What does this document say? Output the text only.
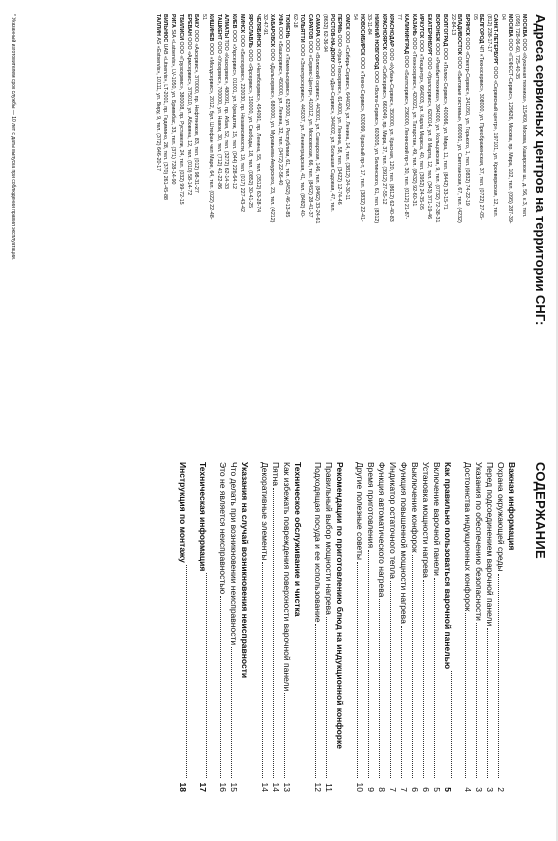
Адреса сервисных центров на территории СНГ:

МОСКВА ООО «Кухонная техника», 115409, Москва, Каширское ш., д. 56, к.3, тел. (095) 728-06-60, 725-40-35

МОСКВА ООО «ГЕФЕСТ-Сервис», 129626, Москва, пр. Мира, 102, тел. (095) 287-39-04

САНКТ-ПЕТЕРБУРГ ООО «Сервисный центр», 197101, ул. Кронверкская, 12, тел. (812) 238-17-17

БЕЛГОРОД ЧП «Техносервис», 308000, ул. Преображенская, 37, тел. (0722) 27-05-05

БРЯНСК ООО «Спектр-Сервис», 241050, ул. Горького, 1, тел. (0832) 74-22-19

ВЛАДИВОСТОК ООО «Бытовые системы», 690091, ул. Светланская, 67, тел. (4232) 22-84-13

ВОЛГОГРАД ООО «Полюс-Сервис», 400066, ул. Мира, 11, тел. (8442) 33-15-71

ВОРОНЕЖ ООО «Рембыттехника», 394000, ул. Кольцовская, 9, тел. (0732) 72-38-31

ЕКАТЕРИНБУРГ ООО «Уралсервис», 620014, ул. 8 Марта, 12, тел. (343) 371-19-46

ИРКУТСК ООО «Техцентр», 664003, ул. Карла Маркса, 40, тел. (3952) 24-35-05

КАЗАНЬ ООО «Техносервис», 420021, ул. Татарстан, 49, тел. (8432) 92-60-31

КАЛИНИНГРАД ООО «Балтсервис», 236000, Ленинский пр-т, 30, тел. (0112) 21-87-77

КРАСНОДАР ООО «Кубань-Сервис», 350000, ул. Красная, 120, тел. (8612) 62-40-83

КРАСНОЯРСК ООО «Сибсервис», 660049, пр. Мира, 37, тел. (3912) 27-55-12

НИЖНИЙ НОВГОРОД ООО «Волга-Сервис», 603005, ул. Белинского, 61, тел. (8312) 33-11-84

НОВОСИБИРСК ООО «Техно-Сервис», 630099, Красный пр-т, 17, тел. (3832) 22-41-54

ОМСК ООО «Сибирь-Сервис», 644024, ул. Ленина, 14, тел. (3812) 24-30-11

ПЕРМЬ ООО «Урал-Техсервис», 614000, ул. Ленина, 58, тел. (3422) 12-74-46

РОСТОВ-НА-ДОНУ ООО «Дон-Сервис», 344002, ул. Большая Садовая, 47, тел. (8632) 62-36-94

САМАРА ООО «Волжский сервис», 443001, ул. Самарская, 146, тел. (8462) 33-24-61

САРАТОВ ООО «Сервис-Центр», 410012, ул. Московская, 66, тел. (8452) 28-41-37

ТОЛЬЯТТИ ООО «Электросервис», 445037, ул. Ленинградская, 41, тел. (8482) 40-62-18

ТЮМЕНЬ ООО «Тюменьсервис», 625000, ул. Республики, 61, тел. (3452) 46-13-85

УФА ООО «Башсервис», 450000, ул. Ленина, 32, тел. (3472) 22-56-40

ХАБАРОВСК ООО «Дальсервис», 680000, ул. Муравьева-Амурского, 23, тел. (4212) 32-47-91

ЧЕЛЯБИНСК ООО «Челябсервис», 454091, пр. Ленина, 55, тел. (3512) 63-28-74

ЯРОСЛАВЛЬ ООО «Ярсервис», 150000, ул. Свободы, 18, тел. (0852) 30-41-25

МИНСК ООО «Белсервис», 220030, пр. Независимости, 19, тел. (017) 227-43-42

КИЕВ ООО «Укрсервис», 01001, ул. Крещатик, 15, тел. (044) 228-64-12

АЛМАТЫ ТОО «Казсервис», 480091, пр. Абая, 52, тел. (3272) 62-14-33

ТАШКЕНТ ООО «Узсервис», 700000, ул. Навои, 30, тел. (712) 41-22-86

КИШИНЕВ ООО «Молдсервис», 2012, бул. Штефан чел Маре, 64, тел. (022) 22-48-51

БАКУ ООО «Азсервис», 370000, пр. Нефтяников, 83, тел. (012) 98-31-27

ЕРЕВАН ООО «Армсервис», 375010, ул. Абовяна, 12, тел. (010) 58-14-72

ТБИЛИСИ ООО «Грузсервис», 380008, пр. Руставели, 24, тел. (032) 99-72-15

РИГА SIA «Latservis», LV-1050, ул. Бривибас, 33, тел. (371) 728-14-90

ВИЛЬНЮС UAB «Litservis», LT-2001, пр. Гедимино, 28, тел. (370) 261-45-88

ТАЛЛИН AS «Estservis», 10111, ул. Виру, 9, тел. (372) 646-20-17

* Указанный изготовителем срок службы — 10 лет с даты выпуска при соблюдении правил эксплуатации.
СОДЕРЖАНИЕ
Важная информация
Охрана окружающей среды
2
Перед подсоединением варочной панели
3
Указания по обеспечению безопасности
3
Достоинства индукционных конфорок
4
Как правильно пользоваться варочной панелью
5
Включение варочной панели
5
Установка мощности нагрева
6
Выключение конфорок
6
Функция повышенной мощности нагрева
7
Индикатор остаточного тепла
7
Функция автоматического нагрева
8
Время приготовления
9
Другие полезные советы
10
Рекомендации по приготовлению блюд на индукционной конфорке
Правильный выбор мощности нагрева
11
Подходящая посуда и ее использование
12
Техническое обслуживание и чистка
Как избежать повреждения поверхности варочной панели
13
Пятна
14
Декоративные элементы
14
Указания на случай возникновения неисправности
Что делать при возникновении неисправности
15
Это не является неисправностью
16
Техническая информация
17
Инструкция по монтажу
18
